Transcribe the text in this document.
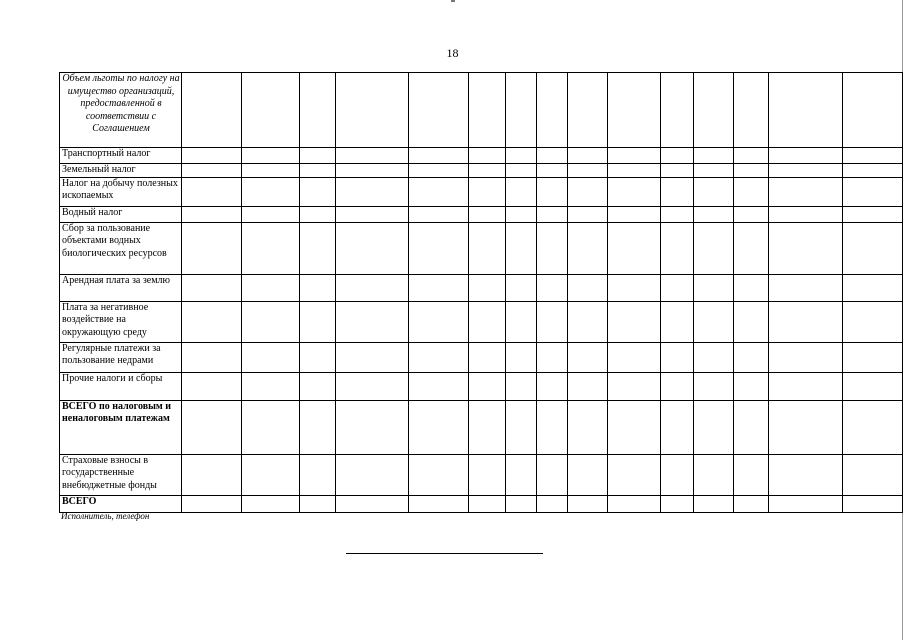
18
Объем льготы по налогу на имущество организаций, предоставленной в соответствии с Соглашением															
Транспортный налог															
Земельный налог															
Налог на добычу полезных ископаемых															
Водный налог															
Сбор за пользование объектами водных биологических ресурсов															
Арендная плата за землю															
Плата за негативное воздействие на окружающую среду															
Регулярные платежи за пользование недрами															
Прочие налоги и сборы															
ВСЕГО по налоговым и неналоговым платежам															
Страховые взносы в государственные внебюджетные фонды															
ВСЕГО															
Исполнитель, телефон
